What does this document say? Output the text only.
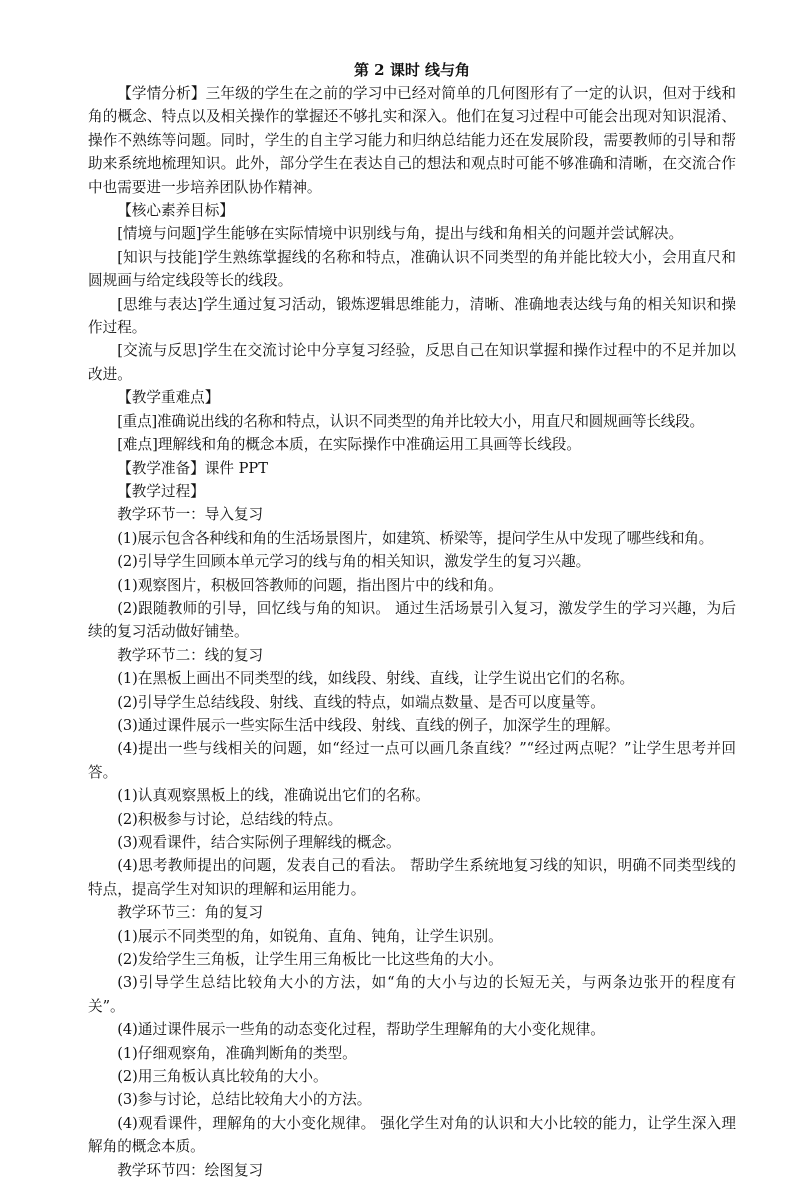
第 2 课时 线与角

【学情分析】三年级的学生在之前的学习中已经对简单的几何图形有了一定的认识，但对于线和角的概念、特点以及相关操作的掌握还不够扎实和深入。他们在复习过程中可能会出现对知识混淆、操作不熟练等问题。同时，学生的自主学习能力和归纳总结能力还在发展阶段，需要教师的引导和帮助来系统地梳理知识。此外，部分学生在表达自己的想法和观点时可能不够准确和清晰，在交流合作中也需要进一步培养团队协作精神。

【核心素养目标】

[情境与问题]学生能够在实际情境中识别线与角，提出与线和角相关的问题并尝试解决。

[知识与技能]学生熟练掌握线的名称和特点，准确认识不同类型的角并能比较大小，会用直尺和圆规画与给定线段等长的线段。

[思维与表达]学生通过复习活动，锻炼逻辑思维能力，清晰、准确地表达线与角的相关知识和操作过程。

[交流与反思]学生在交流讨论中分享复习经验，反思自己在知识掌握和操作过程中的不足并加以改进。

【教学重难点】

[重点]准确说出线的名称和特点，认识不同类型的角并比较大小，用直尺和圆规画等长线段。

[难点]理解线和角的概念本质，在实际操作中准确运用工具画等长线段。

【教学准备】课件 PPT

【教学过程】

教学环节一：导入复习

(1)展示包含各种线和角的生活场景图片，如建筑、桥梁等，提问学生从中发现了哪些线和角。

(2)引导学生回顾本单元学习的线与角的相关知识，激发学生的复习兴趣。

(1)观察图片，积极回答教师的问题，指出图片中的线和角。

(2)跟随教师的引导，回忆线与角的知识。 通过生活场景引入复习，激发学生的学习兴趣，为后续的复习活动做好铺垫。

教学环节二：线的复习

(1)在黑板上画出不同类型的线，如线段、射线、直线，让学生说出它们的名称。

(2)引导学生总结线段、射线、直线的特点，如端点数量、是否可以度量等。

(3)通过课件展示一些实际生活中线段、射线、直线的例子，加深学生的理解。

(4)提出一些与线相关的问题，如“经过一点可以画几条直线？”“经过两点呢？”让学生思考并回答。

(1)认真观察黑板上的线，准确说出它们的名称。

(2)积极参与讨论，总结线的特点。

(3)观看课件，结合实际例子理解线的概念。

(4)思考教师提出的问题，发表自己的看法。 帮助学生系统地复习线的知识，明确不同类型线的特点，提高学生对知识的理解和运用能力。

教学环节三：角的复习

(1)展示不同类型的角，如锐角、直角、钝角，让学生识别。

(2)发给学生三角板，让学生用三角板比一比这些角的大小。

(3)引导学生总结比较角大小的方法，如“角的大小与边的长短无关，与两条边张开的程度有关”。

(4)通过课件展示一些角的动态变化过程，帮助学生理解角的大小变化规律。

(1)仔细观察角，准确判断角的类型。

(2)用三角板认真比较角的大小。

(3)参与讨论，总结比较角大小的方法。

(4)观看课件，理解角的大小变化规律。 强化学生对角的认识和大小比较的能力，让学生深入理解角的概念本质。

教学环节四：绘图复习
